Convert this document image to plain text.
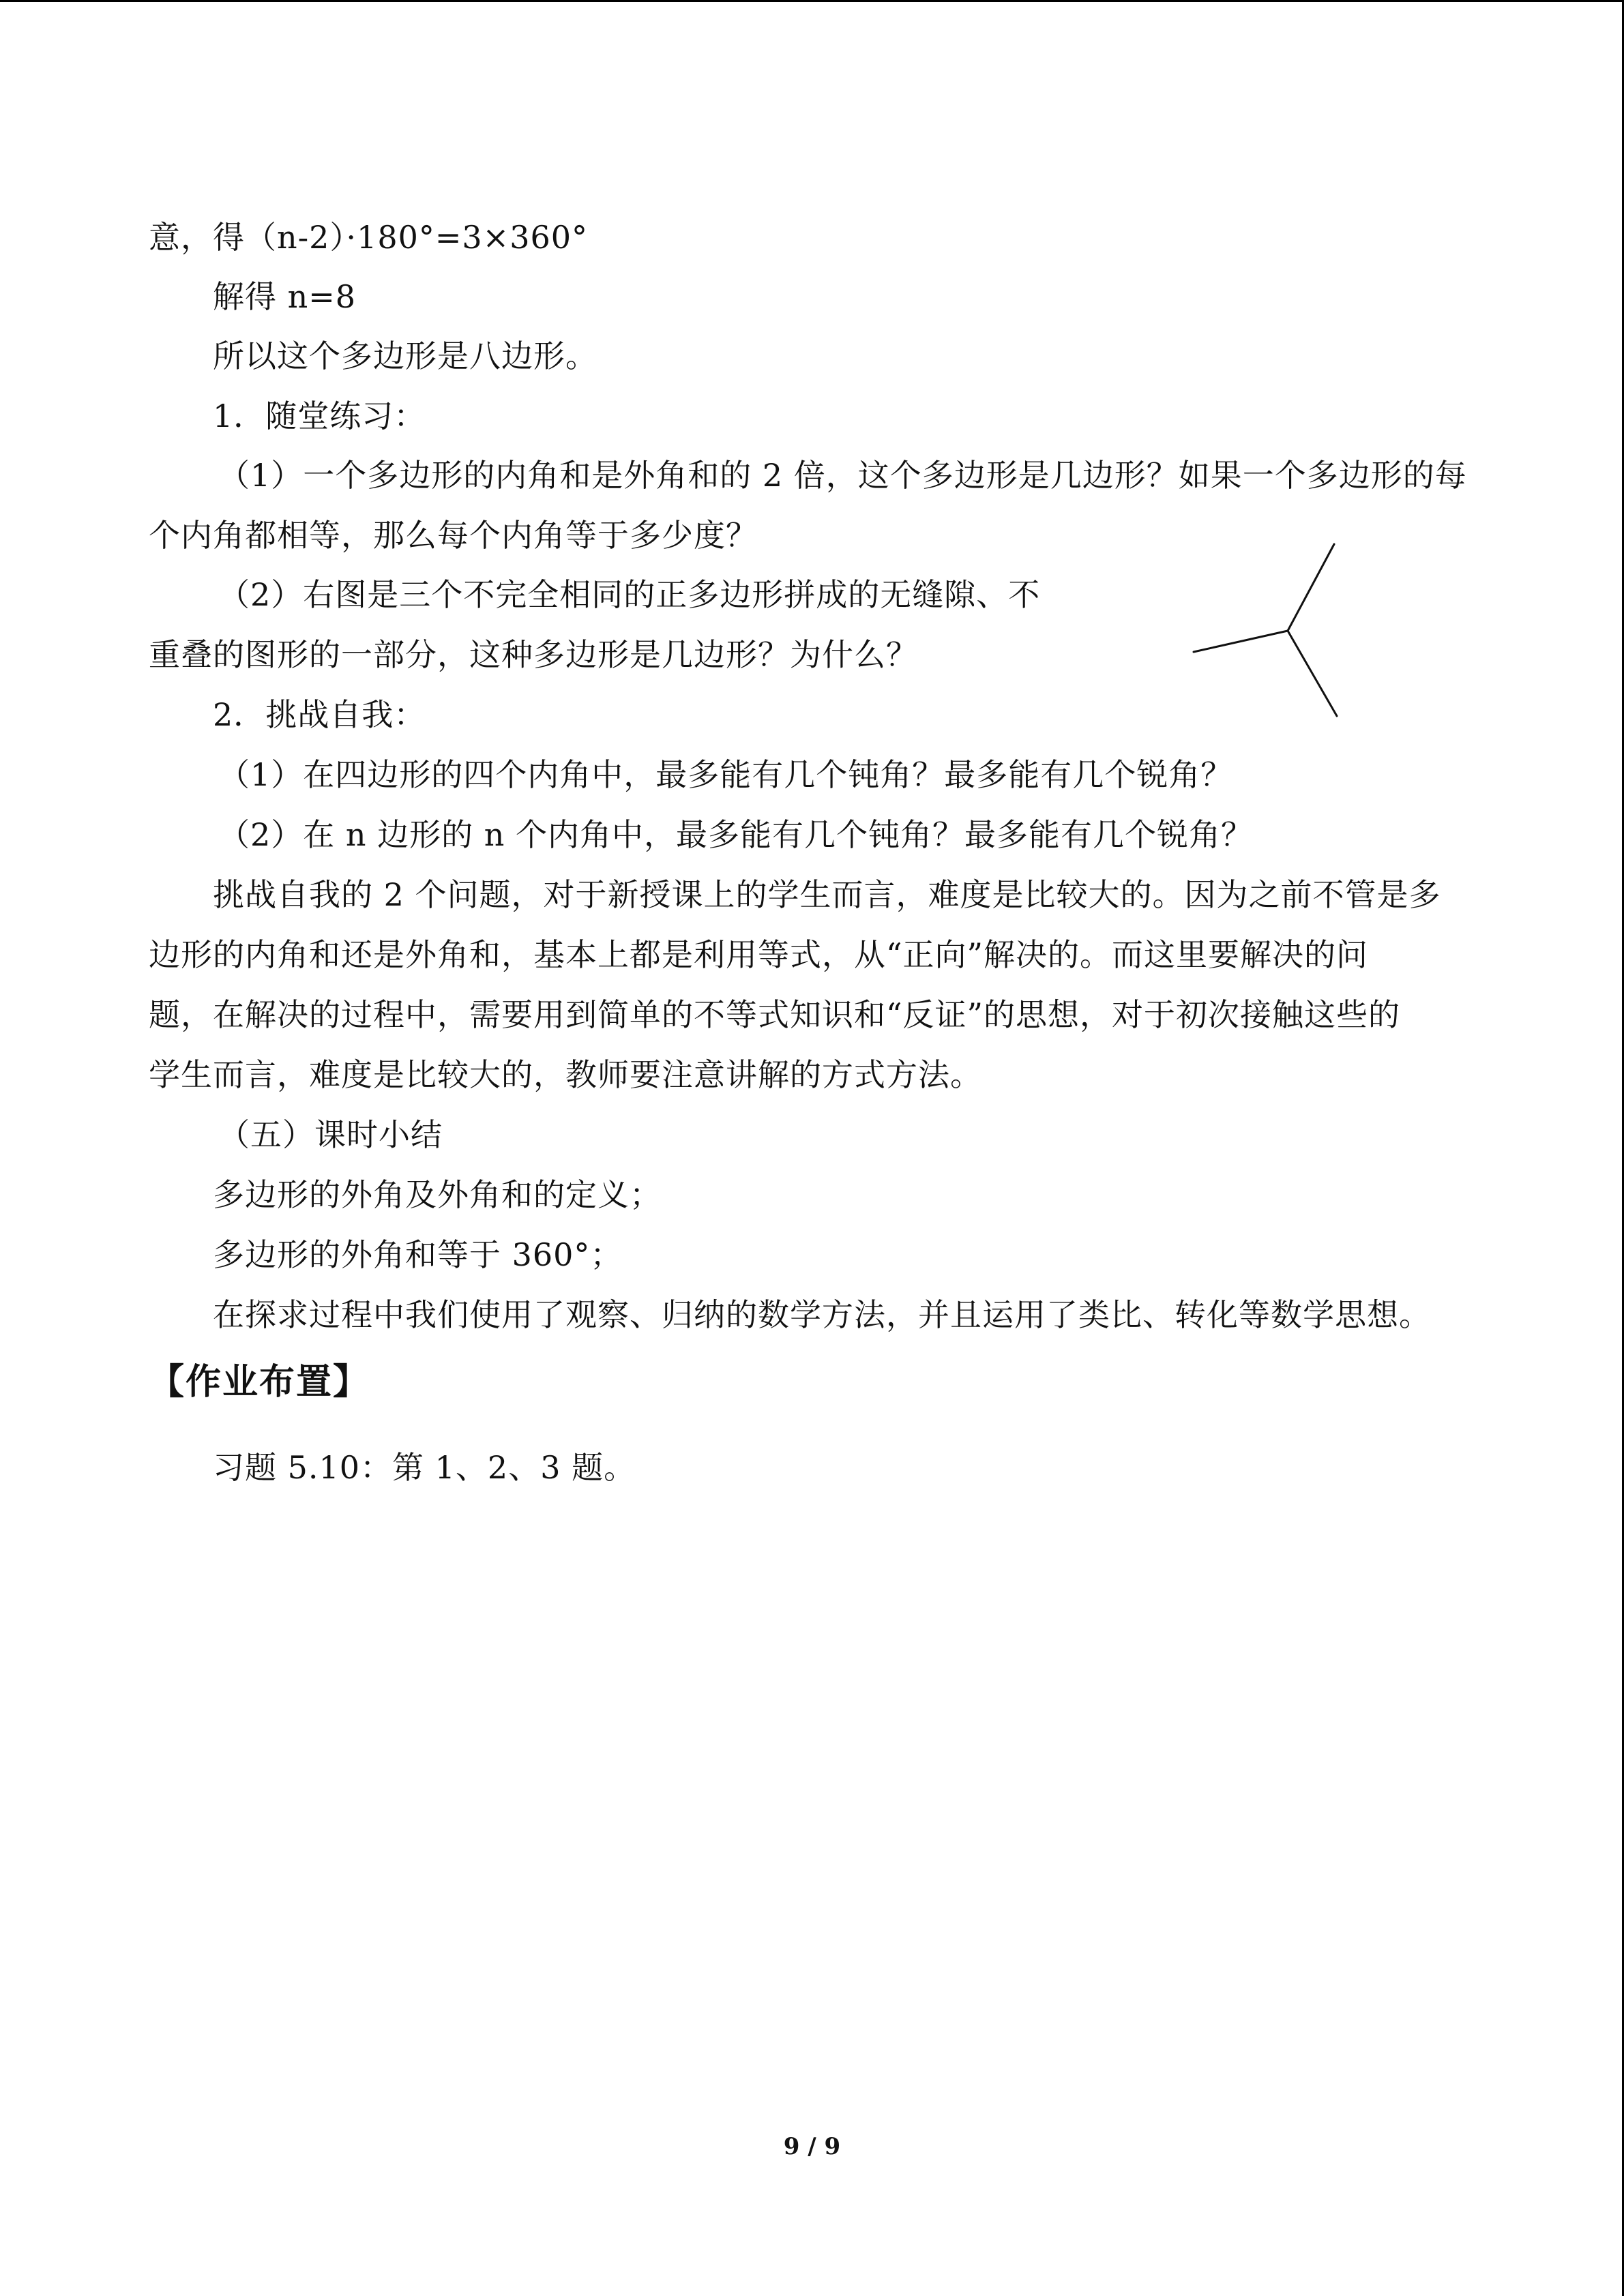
意，得（n-2）·180°=3×360°
解得 n=8
所以这个多边形是八边形。
1．随堂练习：
（1）一个多边形的内角和是外角和的 2 倍，这个多边形是几边形？如果一个多边形的每
个内角都相等，那么每个内角等于多少度？
（2）右图是三个不完全相同的正多边形拼成的无缝隙、不
重叠的图形的一部分，这种多边形是几边形？为什么？
2．挑战自我：
（1）在四边形的四个内角中，最多能有几个钝角？最多能有几个锐角？
（2）在 n 边形的 n 个内角中，最多能有几个钝角？最多能有几个锐角？
挑战自我的 2 个问题，对于新授课上的学生而言，难度是比较大的。因为之前不管是多
边形的内角和还是外角和，基本上都是利用等式，从“正向”解决的。而这里要解决的问
题，在解决的过程中，需要用到简单的不等式知识和“反证”的思想，对于初次接触这些的
学生而言，难度是比较大的，教师要注意讲解的方式方法。
（五）课时小结
多边形的外角及外角和的定义；
多边形的外角和等于 360°；
在探求过程中我们使用了观察、归纳的数学方法，并且运用了类比、转化等数学思想。
【作业布置】
习题 5.10：第 1、2、3 题。
9 / 9
